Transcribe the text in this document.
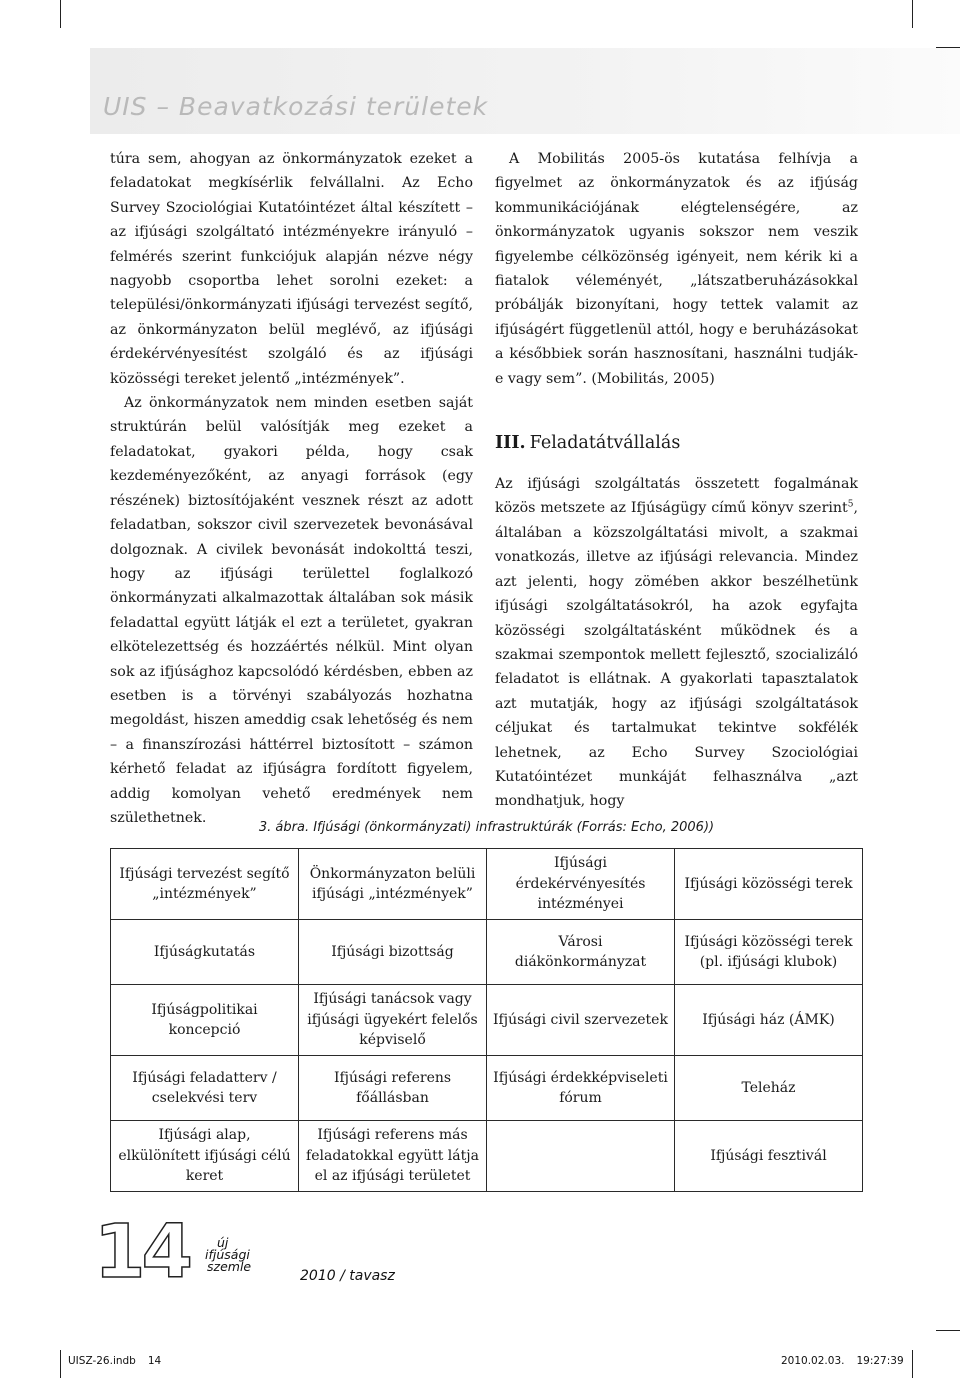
UIS – Beavatkozási területek

túra sem, ahogyan az önkormányzatok ezeket a feladatokat megkísérlik felvállalni. Az Echo Survey Szociológiai Kutatóintézet által készített – az ifjúsági szolgáltató intézményekre irányuló – felmérés szerint funkciójuk alapján nézve négy nagyobb csoportba lehet sorolni ezeket: a települési/önkormányzati ifjúsági tervezést segítő, az önkormányzaton belül meglévő, az ifjúsági érdekérvényesítést szolgáló és az ifjúsági közösségi tereket jelentő „intézmények”.

Az önkormányzatok nem minden esetben saját struktúrán belül valósítják meg ezeket a feladatokat, gyakori példa, hogy csak kezdeményezőként, az anyagi források (egy részének) biztosítójaként vesznek részt az adott feladatban, sokszor civil szervezetek bevonásával dolgoznak. A civilek bevonását indokolttá teszi, hogy az ifjúsági területtel foglalkozó önkormányzati alkalmazottak általában sok másik feladattal együtt látják el ezt a területet, gyakran elkötelezettség és hozzáértés nélkül. Mint olyan sok az ifjúsághoz kapcsolódó kérdésben, ebben az esetben is a törvényi szabályozás hozhatna megoldást, hiszen ameddig csak lehetőség és nem – a finanszírozási háttérrel biztosított – számon kérhető feladat az ifjúságra fordított figyelem, addig komolyan vehető eredmények nem születhetnek.

A Mobilitás 2005-ös kutatása felhívja a figyelmet az önkormányzatok és az ifjúság kommunikációjának elégtelenségére, az önkormányzatok ugyanis sokszor nem veszik figyelembe célközönség igényeit, nem kérik ki a fiatalok véleményét, „látszatberuházásokkal próbálják bizonyítani, hogy tettek valamit az ifjúságért függetlenül attól, hogy e beruházásokat a későbbiek során hasznosítani, használni tudják-e vagy sem”. (Mobilitás, 2005)

III. Feladatátvállalás

Az ifjúsági szolgáltatás összetett fogalmának közös metszete az Ifjúságügy című könyv szerint$^5$, általában a közszolgáltatási mivolt, a szakmai vonatkozás, illetve az ifjúsági relevancia. Mindez azt jelenti, hogy zömében akkor beszélhetünk ifjúsági szolgáltatásokról, ha azok egyfajta közösségi szolgáltatásként működnek és a szakmai szempontok mellett fejlesztő, szocializáló feladatot is ellátnak. A gyakorlati tapasztalatok azt mutatják, hogy az ifjúsági szolgáltatások céljukat és tartalmukat tekintve sokfélék lehetnek, az Echo Survey Szociológiai Kutatóintézet munkáját felhasználva „azt mondhatjuk, hogy

3. ábra. Ifjúsági (önkormányzati) infrastruktúrák (Forrás: Echo, 2006))
Ifjúsági tervezést segítő „intézmények”	Önkormányzaton belüli ifjúsági „intézmények”	Ifjúsági érdekérvényesítés intézményei	Ifjúsági közösségi terek
Ifjúságkutatás	Ifjúsági bizottság	Városi diákönkormányzat	Ifjúsági közösségi terek (pl. ifjúsági klubok)
Ifjúságpolitikai koncepció	Ifjúsági tanácsok vagy ifjúsági ügyekért felelős képviselő	Ifjúsági civil szervezetek	Ifjúsági ház (ÁMK)
Ifjúsági feladatterv / cselekvési terv	Ifjúsági referens főállásban	Ifjúsági érdekképviseleti fórum	Teleház
Ifjúsági alap, elkülönített ifjúsági célú keret	Ifjúsági referens más feladatokkal együtt látja el az ifjúsági területet		Ifjúsági fesztivál
14	új
ifjúsági
szemle
2010 / tavasz
UISZ-26.indb 14	2010.02.03. 19:27:39
